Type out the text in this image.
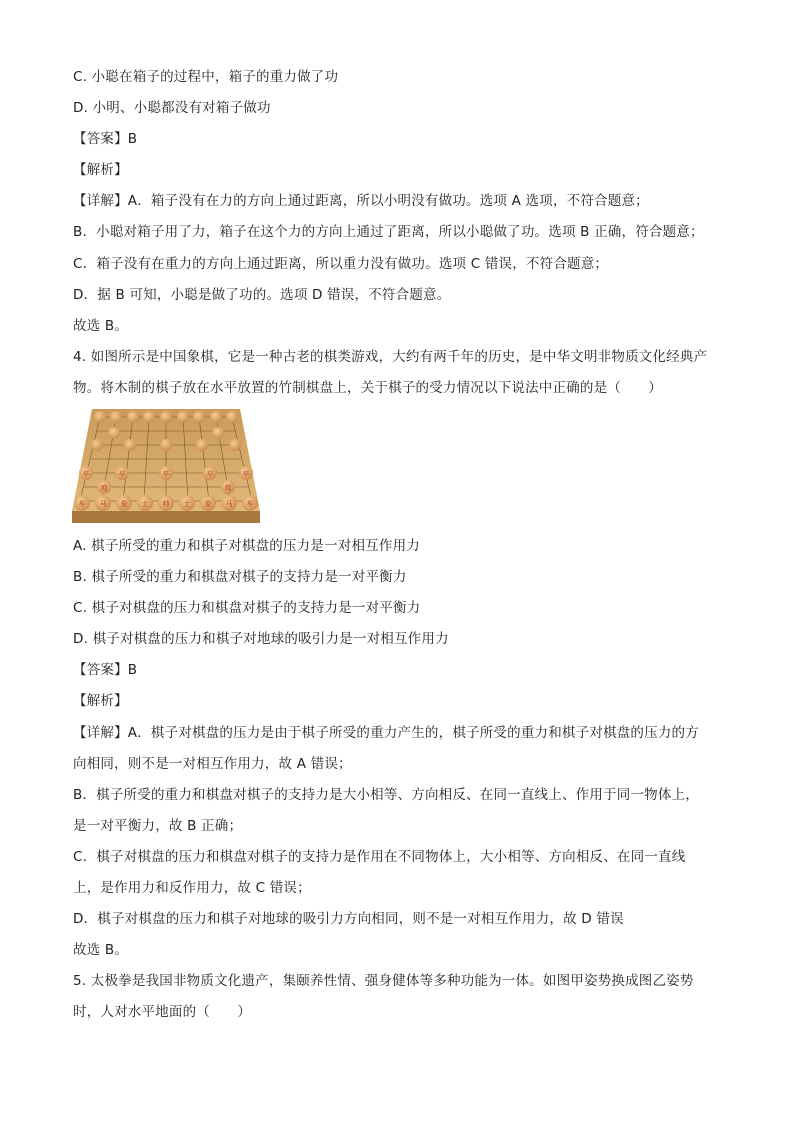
C. 小聪在箱子的过程中，箱子的重力做了功
D. 小明、小聪都没有对箱子做功
【答案】B
【解析】
【详解】A．箱子没有在力的方向上通过距离，所以小明没有做功。选项 A 选项，不符合题意；
B．小聪对箱子用了力，箱子在这个力的方向上通过了距离，所以小聪做了功。选项 B 正确，符合题意；
C．箱子没有在重力的方向上通过距离，所以重力没有做功。选项 C 错误，不符合题意；
D．据 B 可知，小聪是做了功的。选项 D 错误，不符合题意。
故选 B。
4. 如图所示是中国象棋，它是一种古老的棋类游戏，大约有两千年的历史，是中华文明非物质文化经典产
物。将木制的棋子放在水平放置的竹制棋盘上，关于棋子的受力情况以下说法中正确的是（　　）
车 马 象 士 帅 士 象 马 车
卒	卒	卒	卒	卒
炮	炮
A. 棋子所受的重力和棋子对棋盘的压力是一对相互作用力
B. 棋子所受的重力和棋盘对棋子的支持力是一对平衡力
C. 棋子对棋盘的压力和棋盘对棋子的支持力是一对平衡力
D. 棋子对棋盘的压力和棋子对地球的吸引力是一对相互作用力
【答案】B
【解析】
【详解】A．棋子对棋盘的压力是由于棋子所受的重力产生的，棋子所受的重力和棋子对棋盘的压力的方
向相同，则不是一对相互作用力，故 A 错误；
B．棋子所受的重力和棋盘对棋子的支持力是大小相等、方向相反、在同一直线上、作用于同一物体上，
是一对平衡力，故 B 正确；
C．棋子对棋盘的压力和棋盘对棋子的支持力是作用在不同物体上，大小相等、方向相反、在同一直线
上，是作用力和反作用力，故 C 错误；
D．棋子对棋盘的压力和棋子对地球的吸引力方向相同，则不是一对相互作用力，故 D 错误
故选 B。
5. 太极拳是我国非物质文化遗产，集颐养性情、强身健体等多种功能为一体。如图甲姿势换成图乙姿势
时，人对水平地面的（　　）
